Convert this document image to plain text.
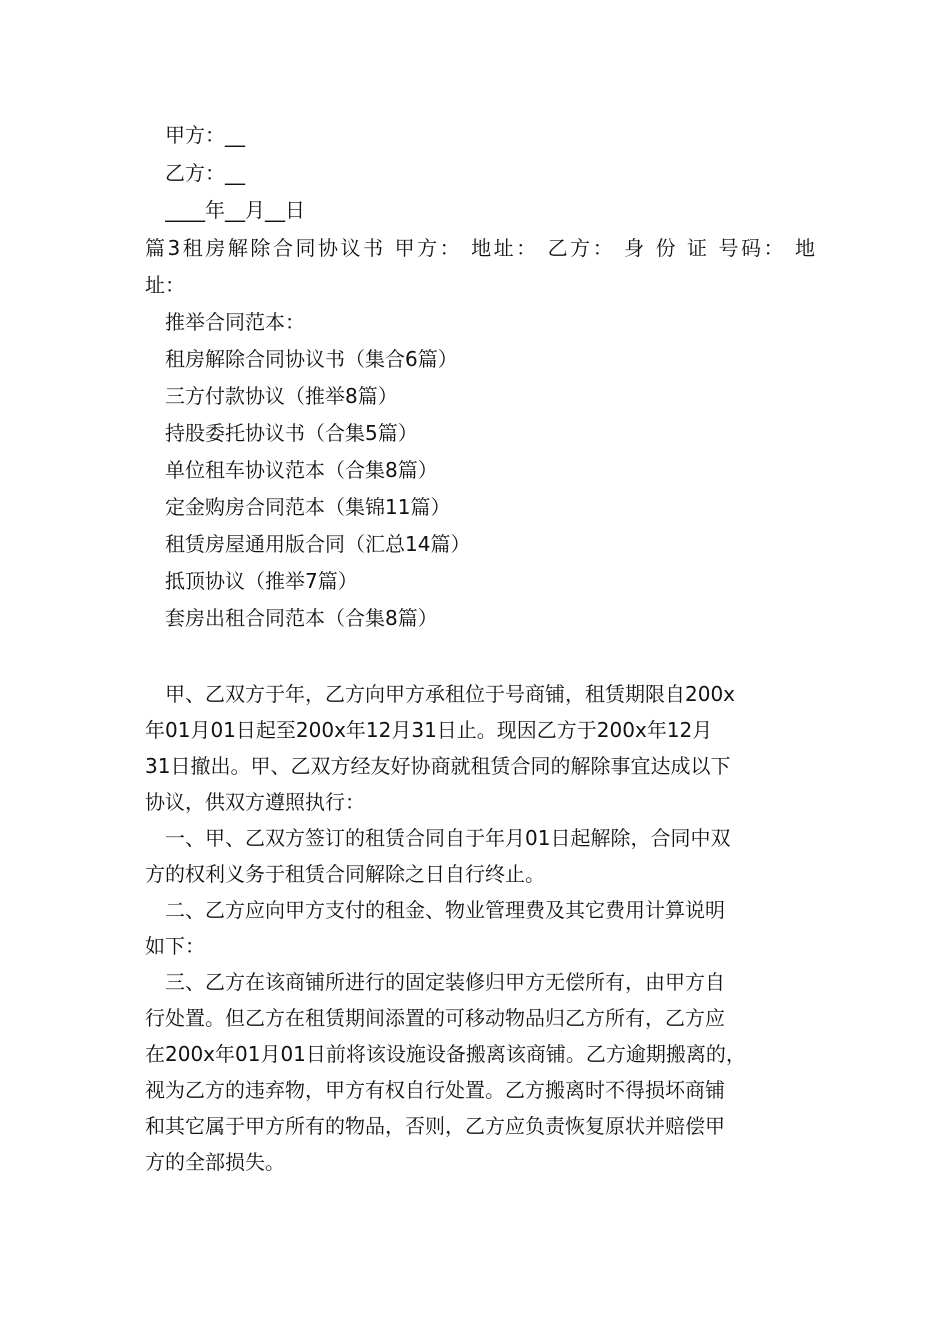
甲方：__
乙方：__
____年__月__日
篇3租房解除合同协议书 甲方： 地址： 乙方： 身 份 证 号码： 地
址：
推举合同范本：
租房解除合同协议书（集合6篇）
三方付款协议（推举8篇）
持股委托协议书（合集5篇）
单位租车协议范本（合集8篇）
定金购房合同范本（集锦11篇）
租赁房屋通用版合同（汇总14篇）
抵顶协议（推举7篇）
套房出租合同范本（合集8篇）
甲、乙双方于年，乙方向甲方承租位于号商铺，租赁期限自200x
年01月01日起至200x年12月31日止。现因乙方于200x年12月
31日撤出。甲、乙双方经友好协商就租赁合同的解除事宜达成以下
协议，供双方遵照执行：
一、甲、乙双方签订的租赁合同自于年月01日起解除，合同中双
方的权利义务于租赁合同解除之日自行终止。
二、乙方应向甲方支付的租金、物业管理费及其它费用计算说明
如下：
三、乙方在该商铺所进行的固定装修归甲方无偿所有，由甲方自
行处置。但乙方在租赁期间添置的可移动物品归乙方所有，乙方应
在200x年01月01日前将该设施设备搬离该商铺。乙方逾期搬离的，
视为乙方的违弃物，甲方有权自行处置。乙方搬离时不得损坏商铺
和其它属于甲方所有的物品，否则，乙方应负责恢复原状并赔偿甲
方的全部损失。
